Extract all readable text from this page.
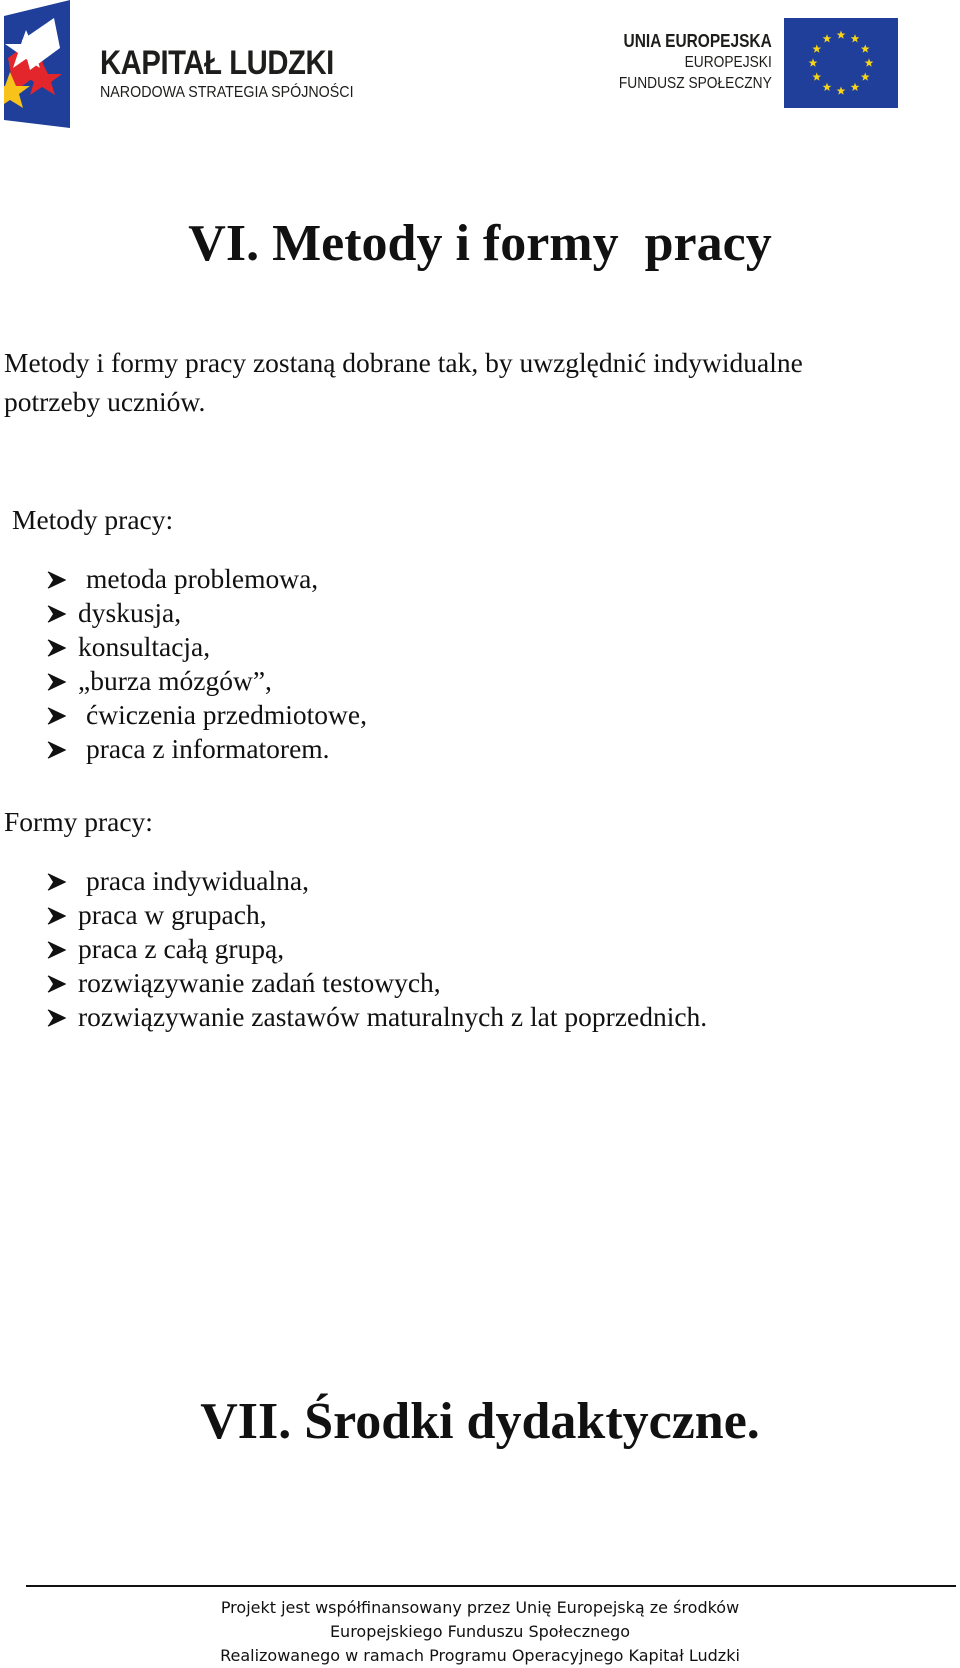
KAPITAŁ LUDZKI
NARODOWA STRATEGIA SPÓJNOŚCI
UNIA EUROPEJSKA
EUROPEJSKI
FUNDUSZ SPOŁECZNY
VI. Metody i formy  pracy
Metody i formy pracy zostaną dobrane tak, by uwzględnić indywidualne
potrzeby uczniów.
Metody pracy:
metoda problemowa,
dyskusja,
konsultacja,
„burza mózgów”,
ćwiczenia przedmiotowe,
praca z informatorem.
Formy pracy:
praca indywidualna,
praca w grupach,
praca z całą grupą,
rozwiązywanie zadań testowych,
rozwiązywanie zastawów maturalnych z lat poprzednich.
VII. Środki dydaktyczne.
Projekt jest współfinansowany przez Unię Europejską ze środków
Europejskiego Funduszu Społecznego
Realizowanego w ramach Programu Operacyjnego Kapitał Ludzki
